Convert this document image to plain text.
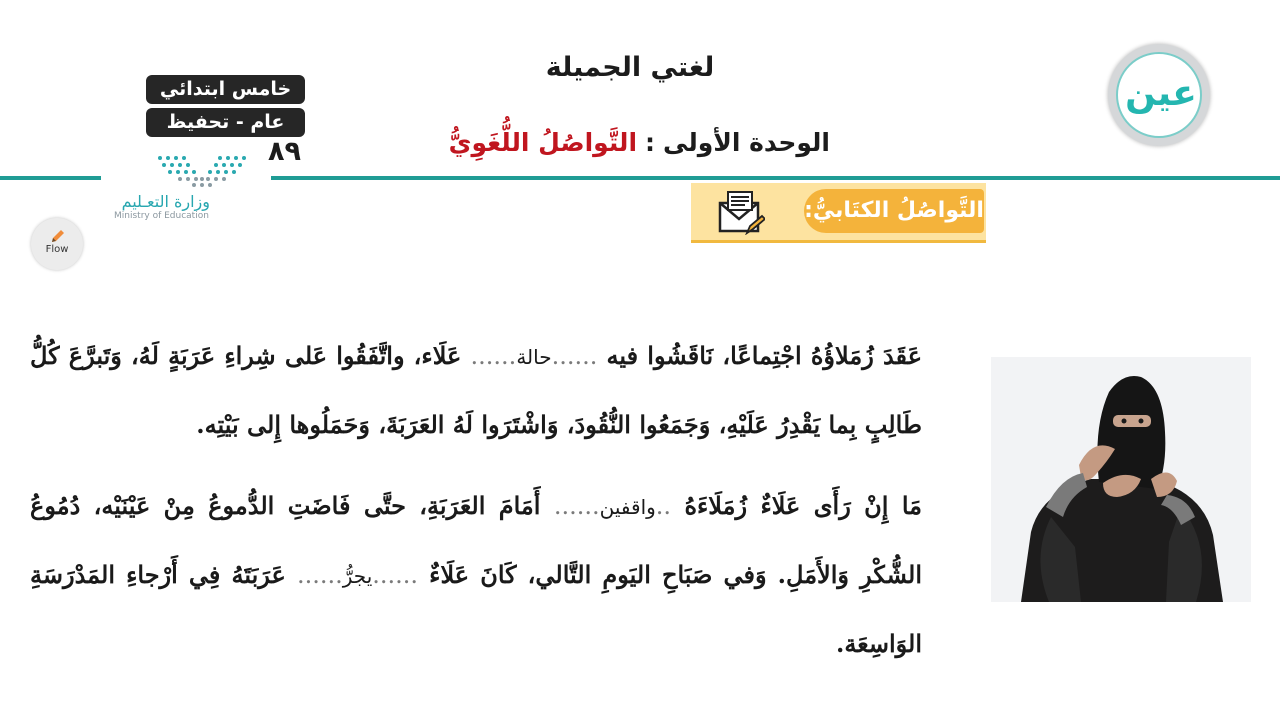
لغتي الجميلة
الوحدة الأولى:التَّواصُلُ اللُّغَوِيُّ
خامس ابتدائي
عام - تحفيظ
٨٩
وزارة التعـليم
Ministry of Education
Flow
عين
التَّواصُلُ الكتَابيُّ:
عَقَدَ زُمَلاؤُهُ اجْتِماعًا، نَاقَشُوا فيه ......حالة...... عَلَاء، واتَّفَقُوا عَلى شِراءِ عَرَبَةٍ لَهُ، وَتَبرَّعَ كُلُّ طَالِبٍ بِما يَقْدِرُ عَلَيْهِ، وَجَمَعُوا النُّقُودَ، وَاشْتَرَوا لَهُ العَرَبَةَ، وَحَمَلُوها إِلى بَيْتِه.
مَا إِنْ رَأَى عَلَاءٌ زُمَلَاءَهُ ..واقفين...... أَمَامَ العَرَبَةِ، حتَّى فَاضَتِ الدُّموعُ مِنْ عَيْنَيْه، دُمُوعُ الشُّكْرِ وَالأَمَلِ. وَفي صَبَاحِ اليَومِ التَّالي، كَانَ عَلَاءٌ ......يجرُّ...... عَرَبَتَهُ فِي أَرْجاءِ المَدْرَسَةِ الوَاسِعَة.
